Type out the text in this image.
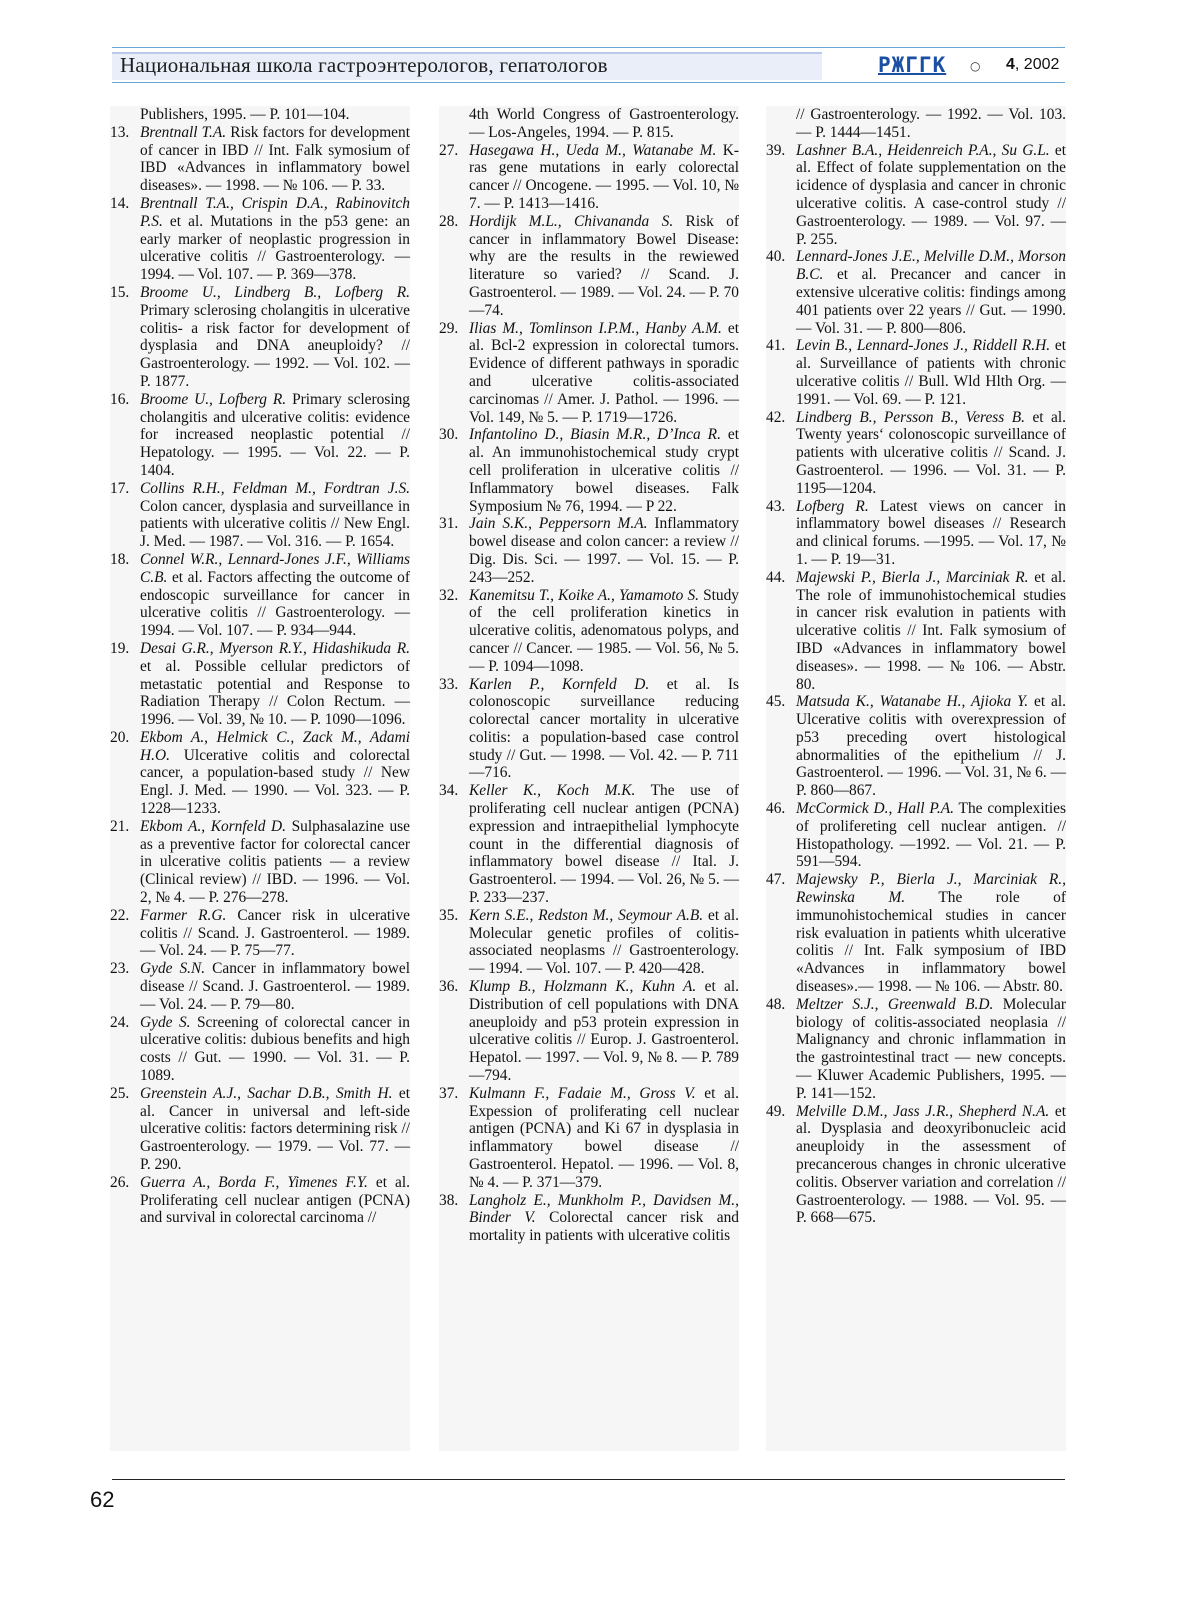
Национальная школа гастроэнтерологов, гепатологов	РЖГГК ○ 4, 2002
Publishers, 1995. — P. 101—104.
13. Brentnall T.A. Risk factors for development of cancer in IBD // Int. Falk symosium of IBD «Advances in inflammatory bowel diseases». — 1998. — № 106. — P. 33.
14. Brentnall T.A., Crispin D.A., Rabinovitch P.S. et al. Mutations in the p53 gene: an early marker of neoplastic progression in ulcerative colitis // Gastroenterology. — 1994. — Vol. 107. — P. 369—378.
15. Broome U., Lindberg B., Lofberg R. Primary sclerosing cholangitis in ulcerative colitis- a risk factor for development of dysplasia and DNA aneuploidy? // Gastroenterology. — 1992. — Vol. 102. — P. 1877.
16. Broome U., Lofberg R. Primary sclerosing cholangitis and ulcerative colitis: evidence for increased neoplastic potential // Hepatology. — 1995. — Vol. 22. — P. 1404.
17. Collins R.H., Feldman M., Fordtran J.S. Colon cancer, dysplasia and surveillance in patients with ulcerative colitis // New Engl. J. Med. — 1987. — Vol. 316. — P. 1654.
18. Connel W.R., Lennard-Jones J.F., Williams C.B. et al. Factors affecting the outcome of endoscopic surveillance for cancer in ulcerative colitis // Gastroenterology. — 1994. — Vol. 107. — P. 934—944.
19. Desai G.R., Myerson R.Y., Hidashikuda R. et al. Possible cellular predictors of metastatic potential and Response to Radiation Therapy // Colon Rectum. — 1996. — Vol. 39, № 10. — P. 1090—1096.
20. Ekbom A., Helmick C., Zack M., Adami H.O. Ulcerative colitis and colorectal cancer, a population-based study // New Engl. J. Med. — 1990. — Vol. 323. — P. 1228—1233.
21. Ekbom A., Kornfeld D. Sulphasalazine use as a preventive factor for colorectal cancer in ulcerative colitis patients — a review (Clinical review) // IBD. — 1996. — Vol. 2, № 4. — P. 276—278.
22. Farmer R.G. Cancer risk in ulcerative colitis // Scand. J. Gastroenterol. — 1989. — Vol. 24. — P. 75—77.
23. Gyde S.N. Cancer in inflammatory bowel disease // Scand. J. Gastroenterol. — 1989. — Vol. 24. — P. 79—80.
24. Gyde S. Screening of colorectal cancer in ulcerative colitis: dubious benefits and high costs // Gut. — 1990. — Vol. 31. — P. 1089.
25. Greenstein A.J., Sachar D.B., Smith H. et al. Cancer in universal and left-side ulcerative colitis: factors determining risk // Gastroenterology. — 1979. — Vol. 77. — P. 290.
26. Guerra A., Borda F., Yimenes F.Y. et al. Proliferating cell nuclear antigen (PCNA) and survival in colorectal carcinoma //
4th World Congress of Gastroenterology. — Los-Angeles, 1994. — P. 815.
27. Hasegawa H., Ueda M., Watanabe M. K-ras gene mutations in early colorectal cancer // Oncogene. — 1995. — Vol. 10, № 7. — P. 1413—1416.
28. Hordijk M.L., Chivananda S. Risk of cancer in inflammatory Bowel Disease: why are the results in the rewiewed literature so varied? // Scand. J. Gastroenterol. — 1989. — Vol. 24. — P. 70—74.
29. Ilias M., Tomlinson I.P.M., Hanby A.M. et al. Bcl-2 expression in colorectal tumors. Evidence of different pathways in sporadic and ulcerative colitis-associated carcinomas // Amer. J. Pathol. — 1996. — Vol. 149, № 5. — P. 1719—1726.
30. Infantolino D., Biasin M.R., D’Inca R. et al. An immunohistochemical study crypt cell proliferation in ulcerative colitis // Inflammatory bowel diseases. Falk Symposium № 76, 1994. — P 22.
31. Jain S.K., Peppersorn M.A. Inflammatory bowel disease and colon cancer: a review // Dig. Dis. Sci. — 1997. — Vol. 15. — P. 243—252.
32. Kanemitsu T., Koike A., Yamamoto S. Study of the cell proliferation kinetics in ulcerative colitis, adenomatous polyps, and cancer // Cancer. — 1985. — Vol. 56, № 5. — P. 1094—1098.
33. Karlen P., Kornfeld D. et al. Is colonoscopic surveillance reducing colorectal cancer mortality in ulcerative colitis: a population-based case control study // Gut. — 1998. — Vol. 42. — P. 711—716.
34. Keller K., Koch M.K. The use of proliferating cell nuclear antigen (PCNA) expression and intraepithelial lymphocyte count in the differential diagnosis of inflammatory bowel disease // Ital. J. Gastroenterol. — 1994. — Vol. 26, № 5. — P. 233—237.
35. Kern S.E., Redston M., Seymour A.B. et al. Molecular genetic profiles of colitis-associated neoplasms // Gastroenterology. — 1994. — Vol. 107. — P. 420—428.
36. Klump B., Holzmann K., Kuhn A. et al. Distribution of cell populations with DNA aneuploidy and p53 protein expression in ulcerative colitis // Europ. J. Gastroenterol. Hepatol. — 1997. — Vol. 9, № 8. — P. 789—794.
37. Kulmann F., Fadaie M., Gross V. et al. Expession of proliferating cell nuclear antigen (PCNA) and Ki 67 in dysplasia in inflammatory bowel disease // Gastroenterol. Hepatol. — 1996. — Vol. 8, № 4. — P. 371—379.
38. Langholz E., Munkholm P., Davidsen M., Binder V. Colorectal cancer risk and mortality in patients with ulcerative colitis
// Gastroenterology. — 1992. — Vol. 103. — P. 1444—1451.
39. Lashner B.A., Heidenreich P.A., Su G.L. et al. Effect of folate supplementation on the icidence of dysplasia and cancer in chronic ulcerative colitis. A case-control study // Gastroenterology. — 1989. — Vol. 97. — P. 255.
40. Lennard-Jones J.E., Melville D.M., Morson B.C. et al. Precancer and cancer in extensive ulcerative colitis: findings among 401 patients over 22 years // Gut. — 1990. — Vol. 31. — P. 800—806.
41. Levin B., Lennard-Jones J., Riddell R.H. et al. Surveillance of patients with chronic ulcerative colitis // Bull. Wld Hlth Org. — 1991. — Vol. 69. — P. 121.
42. Lindberg B., Persson B., Veress B. et al. Twenty years‘ colonoscopic surveillance of patients with ulcerative colitis // Scand. J. Gastroenterol. — 1996. — Vol. 31. — P. 1195—1204.
43. Lofberg R. Latest views on cancer in inflammatory bowel diseases // Research and clinical forums. —1995. — Vol. 17, № 1. — P. 19—31.
44. Majewski P., Bierla J., Marciniak R. et al. The role of immunohistochemical studies in cancer risk evalution in patients with ulcerative colitis // Int. Falk symosium of IBD «Advances in inflammatory bowel diseases». — 1998. — № 106. — Abstr. 80.
45. Matsuda K., Watanabe H., Ajioka Y. et al. Ulcerative colitis with overexpression of p53 preceding overt histological abnormalities of the epithelium // J. Gastroenterol. — 1996. — Vol. 31, № 6. — P. 860—867.
46. McCormick D., Hall P.A. The complexities of prolifereting cell nuclear antigen. // Histopathology. —1992. — Vol. 21. — P. 591—594.
47. Majewsky P., Bierla J., Marciniak R., Rewinska M. The role of immunohistochemical studies in cancer risk evaluation in patients whith ulcerative colitis // Int. Falk symposium of IBD «Advances in inflammatory bowel diseases».— 1998. — № 106. — Abstr. 80.
48. Meltzer S.J., Greenwald B.D. Molecular biology of colitis-associated neoplasia // Malignancy and chronic inflammation in the gastrointestinal tract — new concepts. — Kluwer Academic Publishers, 1995. — P. 141—152.
49. Melville D.M., Jass J.R., Shepherd N.A. et al. Dysplasia and deoxyribonucleic acid aneuploidy in the assessment of precancerous changes in chronic ulcerative colitis. Observer variation and correlation // Gastroenterology. — 1988. — Vol. 95. — P. 668—675.
62
